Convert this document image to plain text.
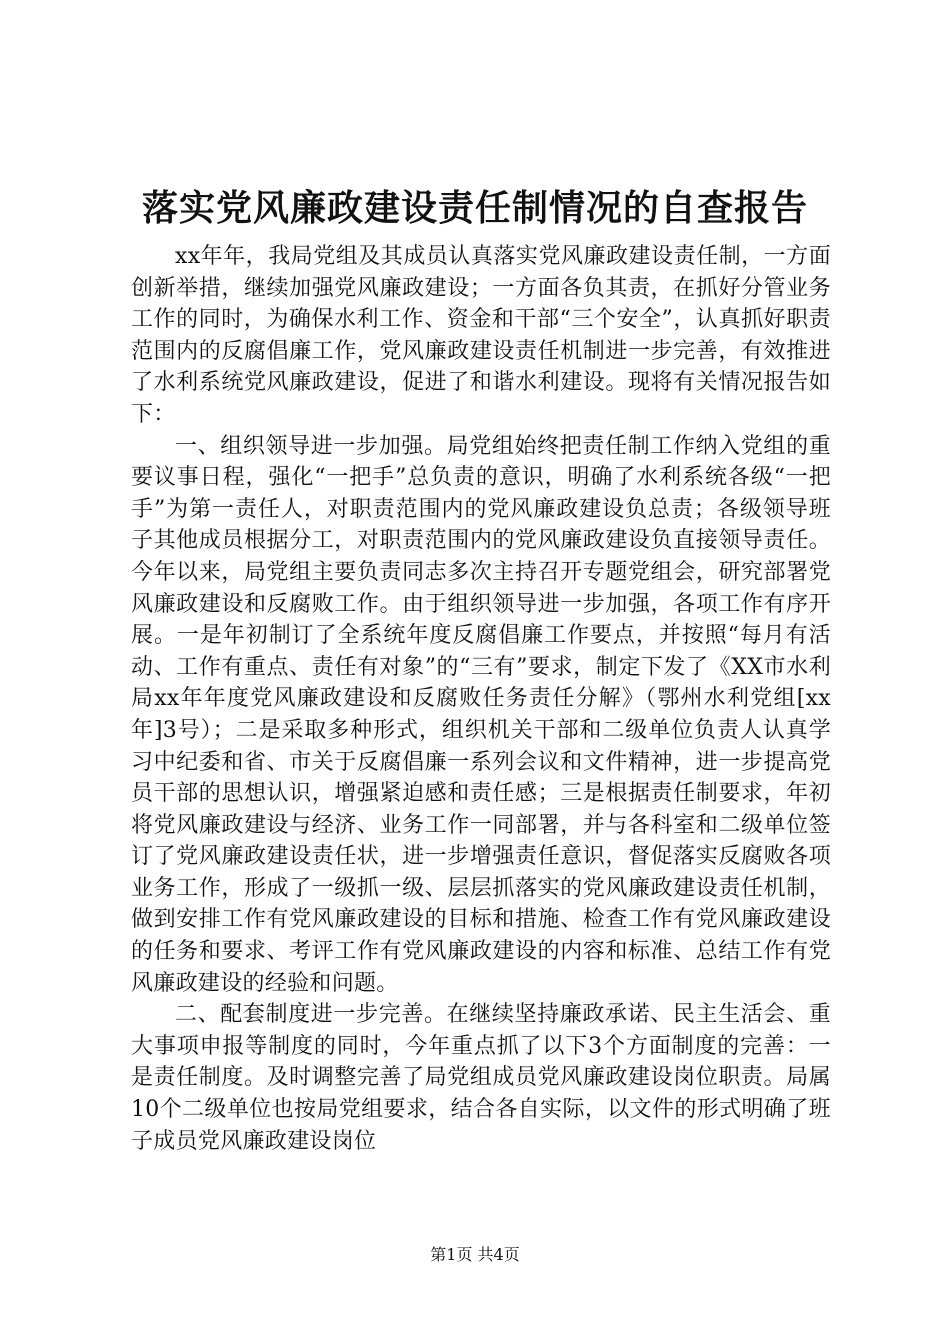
落实党风廉政建设责任制情况的自查报告

xx年年，我局党组及其成员认真落实党风廉政建设责任制，一方面创新举措，继续加强党风廉政建设；一方面各负其责，在抓好分管业务工作的同时，为确保水利工作、资金和干部“三个安全”，认真抓好职责范围内的反腐倡廉工作，党风廉政建设责任机制进一步完善，有效推进了水利系统党风廉政建设，促进了和谐水利建设。现将有关情况报告如下：

一、组织领导进一步加强。局党组始终把责任制工作纳入党组的重要议事日程，强化“一把手”总负责的意识，明确了水利系统各级“一把手”为第一责任人，对职责范围内的党风廉政建设负总责；各级领导班子其他成员根据分工，对职责范围内的党风廉政建设负直接领导责任。今年以来，局党组主要负责同志多次主持召开专题党组会，研究部署党风廉政建设和反腐败工作。由于组织领导进一步加强，各项工作有序开展。一是年初制订了全系统年度反腐倡廉工作要点，并按照“每月有活动、工作有重点、责任有对象”的“三有”要求，制定下发了《XX市水利局xx年年度党风廉政建设和反腐败任务责任分解》（鄂州水利党组[xx年]3号）；二是采取多种形式，组织机关干部和二级单位负责人认真学习中纪委和省、市关于反腐倡廉一系列会议和文件精神，进一步提高党员干部的思想认识，增强紧迫感和责任感；三是根据责任制要求，年初将党风廉政建设与经济、业务工作一同部署，并与各科室和二级单位签订了党风廉政建设责任状，进一步增强责任意识，督促落实反腐败各项业务工作，形成了一级抓一级、层层抓落实的党风廉政建设责任机制，做到安排工作有党风廉政建设的目标和措施、检查工作有党风廉政建设的任务和要求、考评工作有党风廉政建设的内容和标准、总结工作有党风廉政建设的经验和问题。

二、配套制度进一步完善。在继续坚持廉政承诺、民主生活会、重大事项申报等制度的同时，今年重点抓了以下3个方面制度的完善：一是责任制度。及时调整完善了局党组成员党风廉政建设岗位职责。局属10个二级单位也按局党组要求，结合各自实际，以文件的形式明确了班子成员党风廉政建设岗位

第1页 共4页
